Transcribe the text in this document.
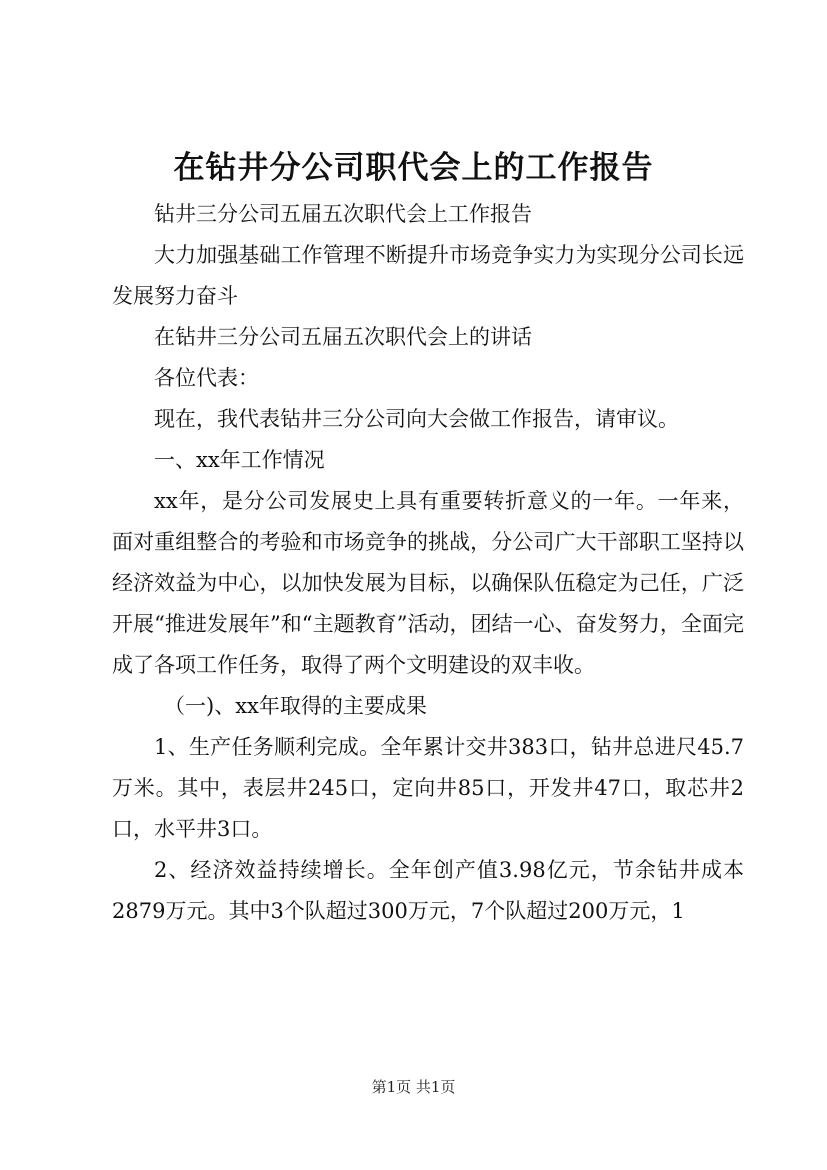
在钻井分公司职代会上的工作报告

钻井三分公司五届五次职代会上工作报告

大力加强基础工作管理不断提升市场竞争实力为实现分公司长远发展努力奋斗

在钻井三分公司五届五次职代会上的讲话

各位代表：

现在，我代表钻井三分公司向大会做工作报告，请审议。

一、xx年工作情况

xx年，是分公司发展史上具有重要转折意义的一年。一年来，面对重组整合的考验和市场竞争的挑战，分公司广大干部职工坚持以经济效益为中心，以加快发展为目标，以确保队伍稳定为己任，广泛开展“推进发展年”和“主题教育”活动，团结一心、奋发努力，全面完成了各项工作任务，取得了两个文明建设的双丰收。

（一)、xx年取得的主要成果

1、生产任务顺利完成。全年累计交井383口，钻井总进尺45.7万米。其中，表层井245口，定向井85口，开发井47口，取芯井2口，水平井3口。

2、经济效益持续增长。全年创产值3.98亿元，节余钻井成本2879万元。其中3个队超过300万元，7个队超过200万元，1

第1页 共1页
